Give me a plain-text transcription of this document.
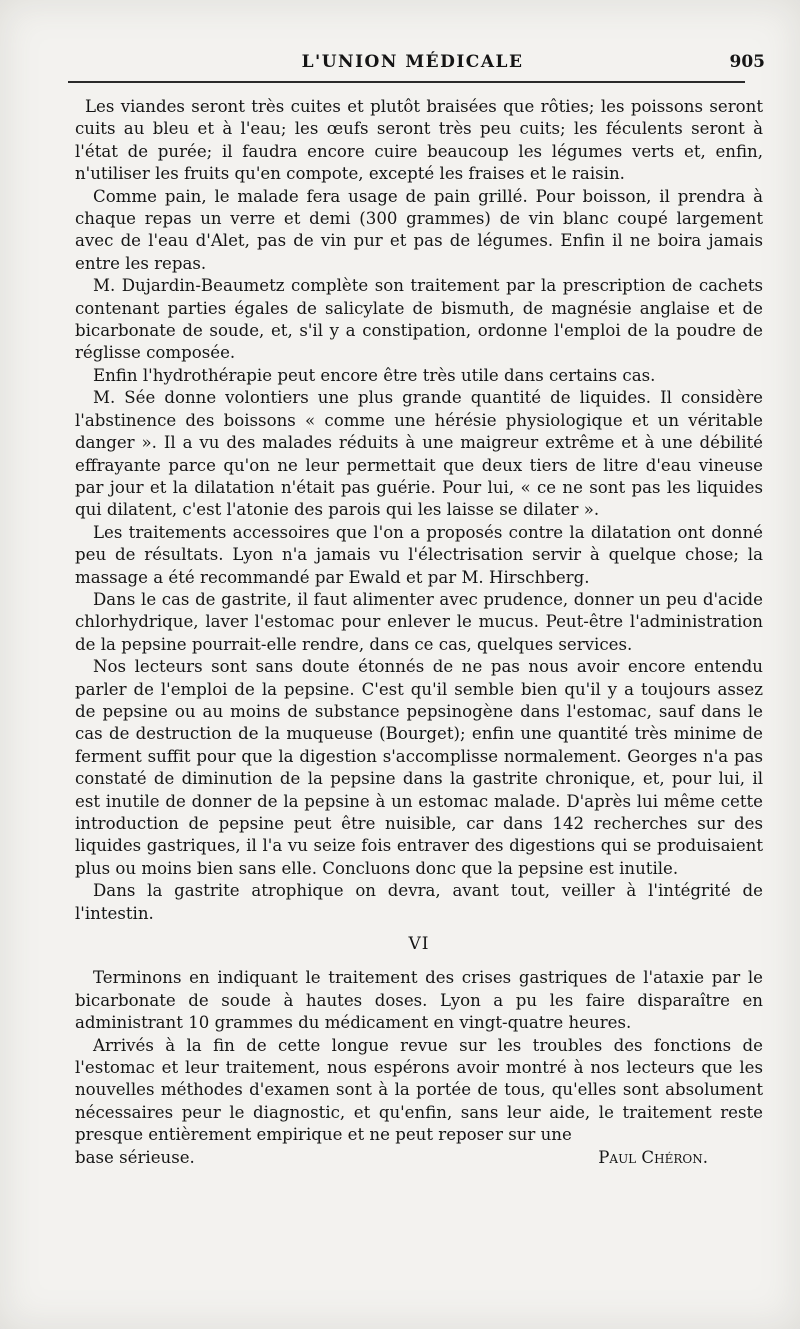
L'UNION MÉDICALE	905

Les viandes seront très cuites et plutôt braisées que rôties; les poissons seront cuits au bleu et à l'eau; les œufs seront très peu cuits; les féculents seront à l'état de purée; il faudra encore cuire beaucoup les légumes verts et, enfin, n'utiliser les fruits qu'en compote, excepté les fraises et le raisin.

Comme pain, le malade fera usage de pain grillé. Pour boisson, il prendra à chaque repas un verre et demi (300 grammes) de vin blanc coupé largement avec de l'eau d'Alet, pas de vin pur et pas de légumes. Enfin il ne boira jamais entre les repas.

M. Dujardin-Beaumetz complète son traitement par la prescription de cachets contenant parties égales de salicylate de bismuth, de magnésie anglaise et de bicarbonate de soude, et, s'il y a constipation, ordonne l'emploi de la poudre de réglisse composée.

Enfin l'hydrothérapie peut encore être très utile dans certains cas.

M. Sée donne volontiers une plus grande quantité de liquides. Il considère l'abstinence des boissons « comme une hérésie physiologique et un véritable danger ». Il a vu des malades réduits à une maigreur extrême et à une débilité effrayante parce qu'on ne leur permettait que deux tiers de litre d'eau vineuse par jour et la dilatation n'était pas guérie. Pour lui, « ce ne sont pas les liquides qui dilatent, c'est l'atonie des parois qui les laisse se dilater ».

Les traitements accessoires que l'on a proposés contre la dilatation ont donné peu de résultats. Lyon n'a jamais vu l'électrisation servir à quelque chose; la massage a été recommandé par Ewald et par M. Hirschberg.

Dans le cas de gastrite, il faut alimenter avec prudence, donner un peu d'acide chlorhydrique, laver l'estomac pour enlever le mucus. Peut-être l'administration de la pepsine pourrait-elle rendre, dans ce cas, quelques services.

Nos lecteurs sont sans doute étonnés de ne pas nous avoir encore entendu parler de l'emploi de la pepsine. C'est qu'il semble bien qu'il y a toujours assez de pepsine ou au moins de substance pepsinogène dans l'estomac, sauf dans le cas de destruction de la muqueuse (Bourget); enfin une quantité très minime de ferment suffit pour que la digestion s'accomplisse normalement. Georges n'a pas constaté de diminution de la pepsine dans la gastrite chronique, et, pour lui, il est inutile de donner de la pepsine à un estomac malade. D'après lui même cette introduction de pepsine peut être nuisible, car dans 142 recherches sur des liquides gastriques, il l'a vu seize fois entraver des digestions qui se produisaient plus ou moins bien sans elle. Concluons donc que la pepsine est inutile.

Dans la gastrite atrophique on devra, avant tout, veiller à l'intégrité de l'intestin.

VI

Terminons en indiquant le traitement des crises gastriques de l'ataxie par le bicarbonate de soude à hautes doses. Lyon a pu les faire disparaître en administrant 10 grammes du médicament en vingt-quatre heures.

Arrivés à la fin de cette longue revue sur les troubles des fonctions de l'estomac et leur traitement, nous espérons avoir montré à nos lecteurs que les nouvelles méthodes d'examen sont à la portée de tous, qu'elles sont absolument nécessaires peur le diagnostic, et qu'enfin, sans leur aide, le traitement reste presque entièrement empirique et ne peut reposer sur une

base sérieuse.	Paul Chéron.
